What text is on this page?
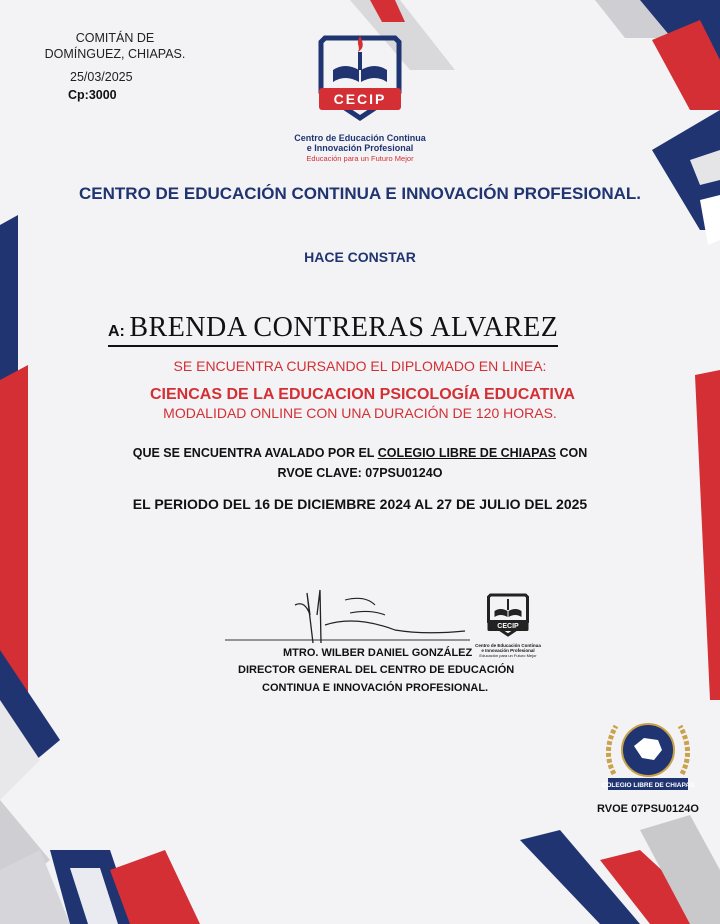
COMITÁN DE
DOMÍNGUEZ, CHIAPAS.
25/03/2025
Cp:3000	CECIP
Centro de Educación Continua
e Innovación Profesional
Educación para un Futuro Mejor
CENTRO DE EDUCACIÓN CONTINUA E INNOVACIÓN PROFESIONAL.
HACE CONSTAR
A: BRENDA CONTRERAS ALVAREZ
SE ENCUENTRA CURSANDO EL DIPLOMADO EN LINEA:
CIENCAS DE LA EDUCACION PSICOLOGÍA EDUCATIVA
MODALIDAD ONLINE CON UNA DURACIÓN DE 120 HORAS.
QUE SE ENCUENTRA AVALADO POR EL COLEGIO LIBRE DE CHIAPAS CON
RVOE CLAVE: 07PSU0124O
EL PERIODO DEL 16 DE DICIEMBRE 2024 AL 27 DE JULIO DEL 2025
MTRO. WILBER DANIEL GONZÁLEZ
DIRECTOR GENERAL DEL CENTRO DE EDUCACIÓN
CONTINUA E INNOVACIÓN PROFESIONAL.
CECIP
Centro de Educación Continua
e Innovación Profesional
Educación para un Futuro Mejor
COLEGIO LIBRE DE CHIAPAS
RVOE 07PSU0124O
